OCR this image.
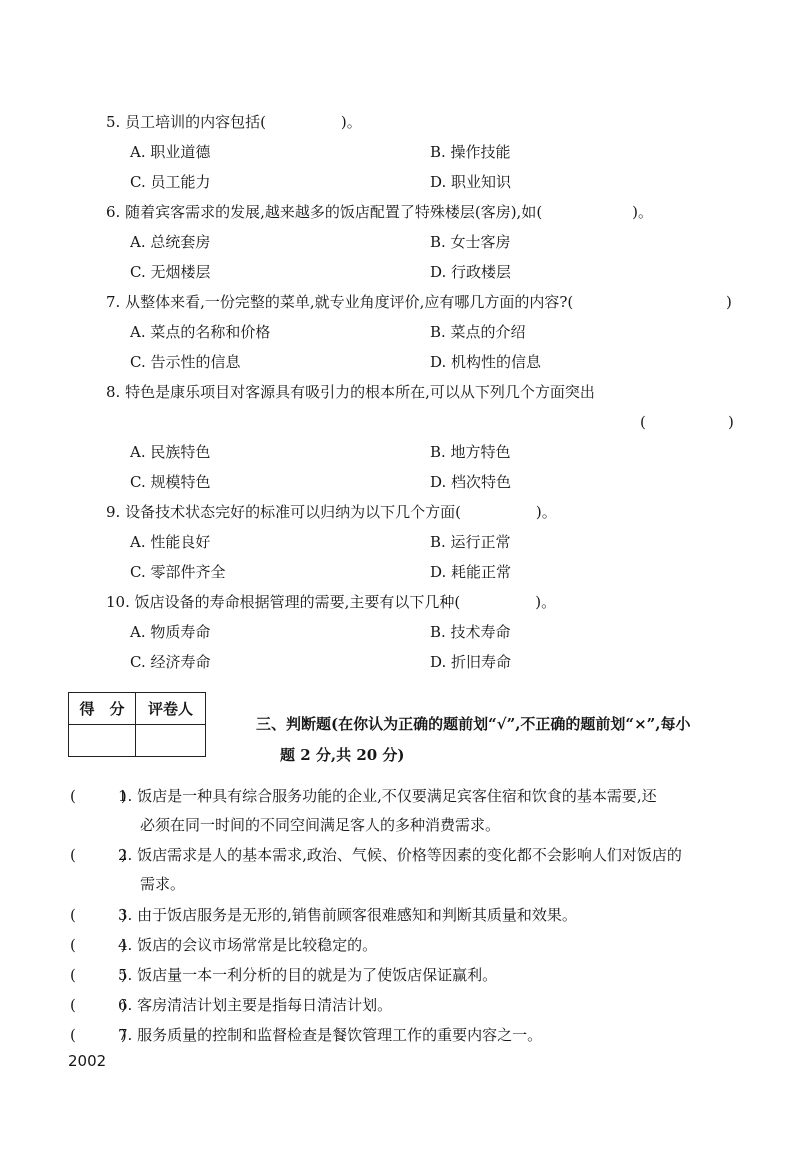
5. 员工培训的内容包括(　　　　　)。
A. 职业道德	B. 操作技能
C. 员工能力	D. 职业知识
6. 随着宾客需求的发展,越来越多的饭店配置了特殊楼层(客房),如(　　　　　　)。
A. 总统套房	B. 女士客房
C. 无烟楼层	D. 行政楼层
7. 从整体来看,一份完整的菜单,就专业角度评价,应有哪几方面的内容?(	)
A. 菜点的名称和价格	B. 菜点的介绍
C. 告示性的信息	D. 机构性的信息
8. 特色是康乐项目对客源具有吸引力的根本所在,可以从下列几个方面突出
(	)
A. 民族特色	B. 地方特色
C. 规模特色	D. 档次特色
9. 设备技术状态完好的标准可以归纳为以下几个方面(　　　　　)。
A. 性能良好	B. 运行正常
C. 零部件齐全	D. 耗能正常
10. 饭店设备的寿命根据管理的需要,主要有以下几种(　　　　　)。
A. 物质寿命	B. 技术寿命
C. 经济寿命	D. 折旧寿命
得　分	评卷人

三、判断题(在你认为正确的题前划“√”,不正确的题前划“×”,每小
题 2 分,共 20 分)
(　　　)
1. 饭店是一种具有综合服务功能的企业,不仅要满足宾客住宿和饮食的基本需要,还
必须在同一时间的不同空间满足客人的多种消费需求。
(　　　)
2. 饭店需求是人的基本需求,政治、气候、价格等因素的变化都不会影响人们对饭店的
需求。
(　　　)
3. 由于饭店服务是无形的,销售前顾客很难感知和判断其质量和效果。
(　　　)
4. 饭店的会议市场常常是比较稳定的。
(　　　)
5. 饭店量一本一利分析的目的就是为了使饭店保证赢利。
(　　　)
6. 客房清洁计划主要是指每日清洁计划。
(　　　)
7. 服务质量的控制和监督检查是餐饮管理工作的重要内容之一。
2002
